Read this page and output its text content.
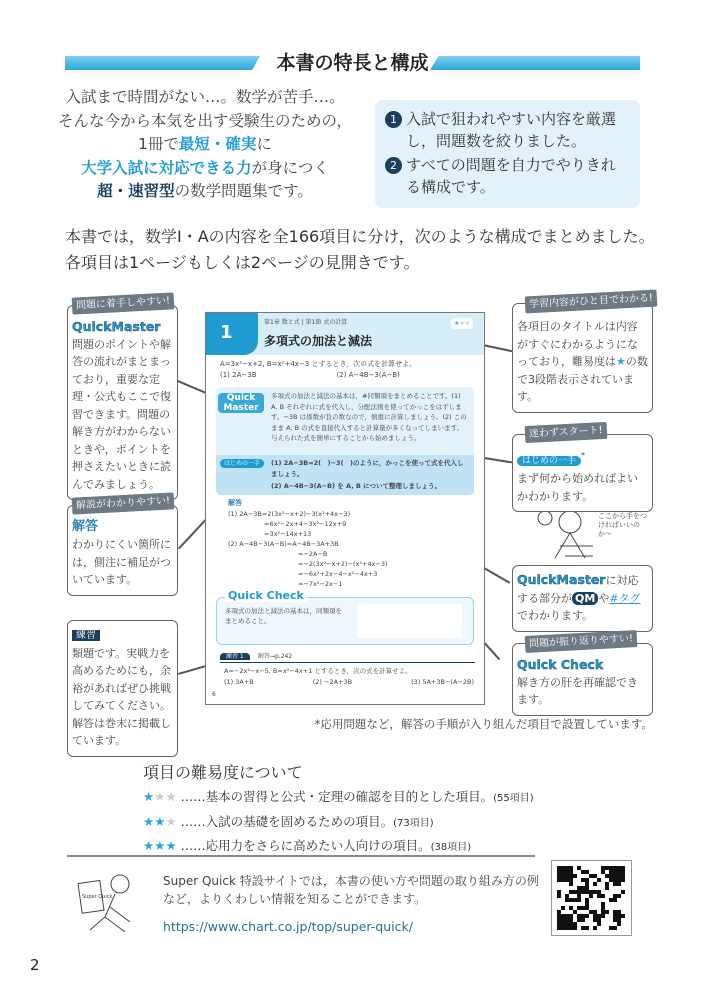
本書の特長と構成
入試まで時間がない…。数学が苦手…。
そんな今から本気を出す受験生のための，
1冊で最短・確実に
大学入試に対応できる力が身につく
超・速習型の数学問題集です。
1 入試で狙われやすい内容を厳選し，問題数を絞りました。
2 すべての問題を自力でやりきれる構成です。
本書では，数学Ⅰ・Aの内容を全166項目に分け，次のような構成でまとめました。各項目は1ページもしくは2ページの見開きです。
1	第1章 数と式 | 第1節 式の計算	★★★
多項式の加法と減法
A=3x²−x+2, B=x²+4x−3 とするとき，次の式を計算せよ。
(1) 2A−3B	(2) A−4B−3(A−B)
Quick Master
多項式の加法と減法の基本は，#同類項をまとめることです。(1) A, B それぞれに式を代入し，分配法則を使ってかっこをはずします。−3B は係数が負の数なので，慎重に計算しましょう。(2) このまま A, B の式を直接代入すると計算量が多くなってしまいます。与えられた式を簡単にすることから始めましょう。
はじめの一手	(1) 2A−3B=2(　)−3(　)のように，かっこを使って式を代入しましょう。
(2) A−4B−3(A−B) を A, B について整理しましょう。
解答
(1) 2A−3B=2(3x²−x+2)−3(x²+4x−3)
=6x²−2x+4−3x²−12x+9
=3x²−14x+13
(2) A−4B−3(A−B)=A−4B−3A+3B
=−2A−B
=−2(3x²−x+2)−(x²+4x−3)
=−6x²+2x−4−x²−4x+3
=−7x²−2x−1
Quick Check
多項式の加法と減法の基本は，同類項をまとめること。
練習 1 解答→p.242
A=−2x²−x−5, B=x²−4x+1 とするとき，次の式を計算せよ。
(1) 3A+B	(2) −2A+3B	(3) 5A+3B−(A−2B)
6
問題に着手しやすい!
QuickMaster
問題のポイントや解答の流れがまとまっており，重要な定理・公式もここで復習できます。問題の解き方がわからないときや，ポイントを押さえたいときに読んでみましょう。
解説がわかりやすい!
解答
わかりにくい箇所には，側注に補足がついています。
練習
類題です。実戦力を高めるためにも，余裕があればぜひ挑戦してみてください。解答は巻末に掲載しています。
学習内容がひと目でわかる!
各項目のタイトルは内容がすぐにわかるようになっており，難易度は★の数で3段階表示されています。
迷わずスタート!
はじめの一手*
まず何から始めればよいかわかります。
ここから手をつければいいのか〜
QuickMasterに対応する部分が QM や#タグでわかります。
問題が振り返りやすい!
Quick Check
解き方の肝を再確認できます。
*応用問題など，解答の手順が入り組んだ項目で設置しています。
項目の難易度について
★★★ ……基本の習得と公式・定理の確認を目的とした項目。(55項目)
★★★ ……入試の基礎を固めるための項目。(73項目)
★★★ ……応用力をさらに高めたい人向けの項目。(38項目)
Super Quick
Super Quick 特設サイトでは，本書の使い方や問題の取り組み方の例など，よりくわしい情報を知ることができます。
https://www.chart.co.jp/top/super-quick/
2
